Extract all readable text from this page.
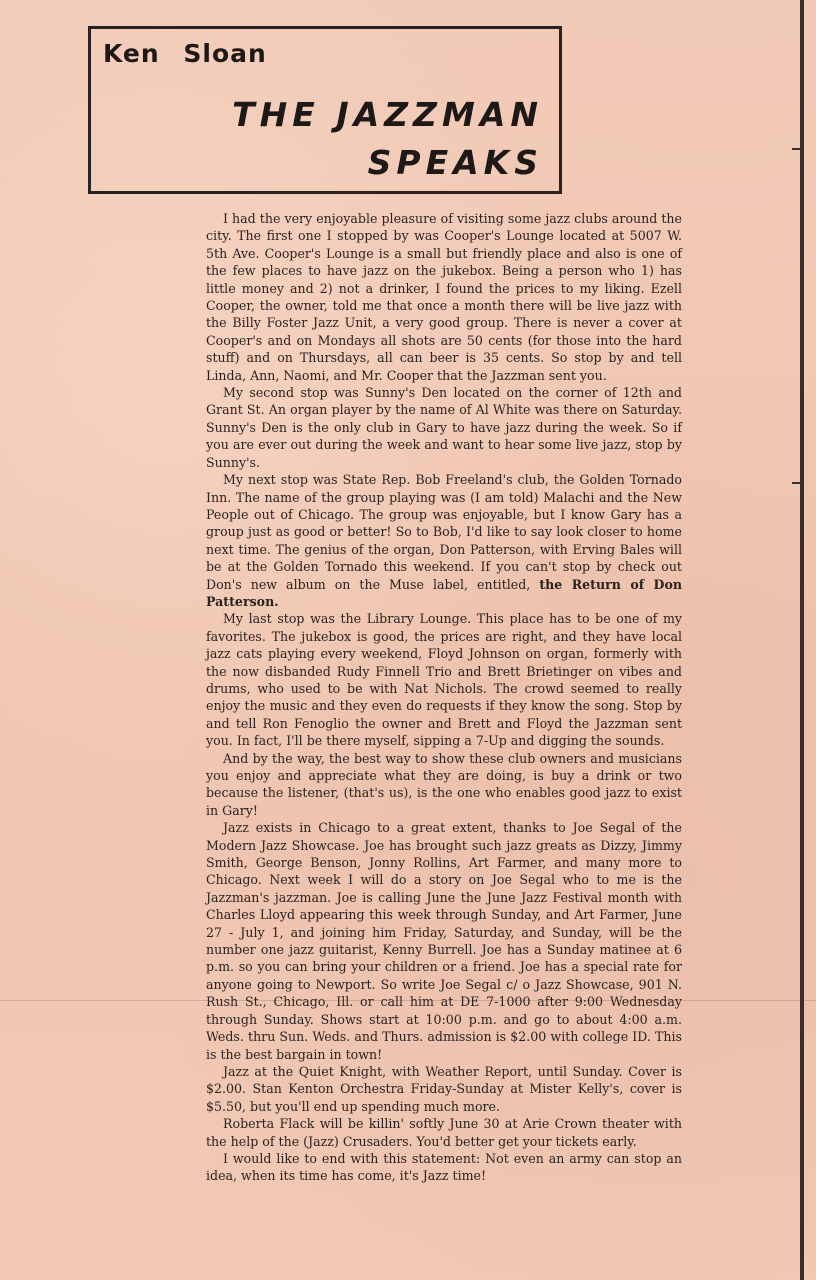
Ken Sloan
THE JAZZMAN
SPEAKS

I had the very enjoyable pleasure of visiting some jazz clubs around the city. The first one I stopped by was Cooper's Lounge located at 5007 W. 5th Ave. Cooper's Lounge is a small but friendly place and also is one of the few places to have jazz on the jukebox. Being a person who 1) has little money and 2) not a drinker, I found the prices to my liking. Ezell Cooper, the owner, told me that once a month there will be live jazz with the Billy Foster Jazz Unit, a very good group. There is never a cover at Cooper's and on Mondays all shots are 50 cents (for those into the hard stuff) and on Thursdays, all can beer is 35 cents. So stop by and tell Linda, Ann, Naomi, and Mr. Cooper that the Jazzman sent you.

My second stop was Sunny's Den located on the corner of 12th and Grant St. An organ player by the name of Al White was there on Saturday. Sunny's Den is the only club in Gary to have jazz during the week. So if you are ever out during the week and want to hear some live jazz, stop by Sunny's.

My next stop was State Rep. Bob Freeland's club, the Golden Tornado Inn. The name of the group playing was (I am told) Malachi and the New People out of Chicago. The group was enjoyable, but I know Gary has a group just as good or better! So to Bob, I'd like to say look closer to home next time. The genius of the organ, Don Patterson, with Erving Bales will be at the Golden Tornado this weekend. If you can't stop by check out Don's new album on the Muse label, entitled, the Return of Don Patterson.

My last stop was the Library Lounge. This place has to be one of my favorites. The jukebox is good, the prices are right, and they have local jazz cats playing every weekend, Floyd Johnson on organ, formerly with the now disbanded Rudy Finnell Trio and Brett Brietinger on vibes and drums, who used to be with Nat Nichols. The crowd seemed to really enjoy the music and they even do requests if they know the song. Stop by and tell Ron Fenoglio the owner and Brett and Floyd the Jazzman sent you. In fact, I'll be there myself, sipping a 7-Up and digging the sounds.

And by the way, the best way to show these club owners and musicians you enjoy and appreciate what they are doing, is buy a drink or two because the listener, (that's us), is the one who enables good jazz to exist in Gary!

Jazz exists in Chicago to a great extent, thanks to Joe Segal of the Modern Jazz Showcase. Joe has brought such jazz greats as Dizzy, Jimmy Smith, George Benson, Jonny Rollins, Art Farmer, and many more to Chicago. Next week I will do a story on Joe Segal who to me is the Jazzman's jazzman. Joe is calling June the June Jazz Festival month with Charles Lloyd appearing this week through Sunday, and Art Farmer, June 27 - July 1, and joining him Friday, Saturday, and Sunday, will be the number one jazz guitarist, Kenny Burrell. Joe has a Sunday matinee at 6 p.m. so you can bring your children or a friend. Joe has a special rate for anyone going to Newport. So write Joe Segal c/ o Jazz Showcase, 901 N. Rush St., Chicago, Ill. or call him at DE 7-1000 after 9:00 Wednesday through Sunday. Shows start at 10:00 p.m. and go to about 4:00 a.m. Weds. thru Sun. Weds. and Thurs. admission is $2.00 with college ID. This is the best bargain in town!

Jazz at the Quiet Knight, with Weather Report, until Sunday. Cover is $2.00. Stan Kenton Orchestra Friday-Sunday at Mister Kelly's, cover is $5.50, but you'll end up spending much more.

Roberta Flack will be killin' softly June 30 at Arie Crown theater with the help of the (Jazz) Crusaders. You'd better get your tickets early.

I would like to end with this statement: Not even an army can stop an idea, when its time has come, it's Jazz time!
